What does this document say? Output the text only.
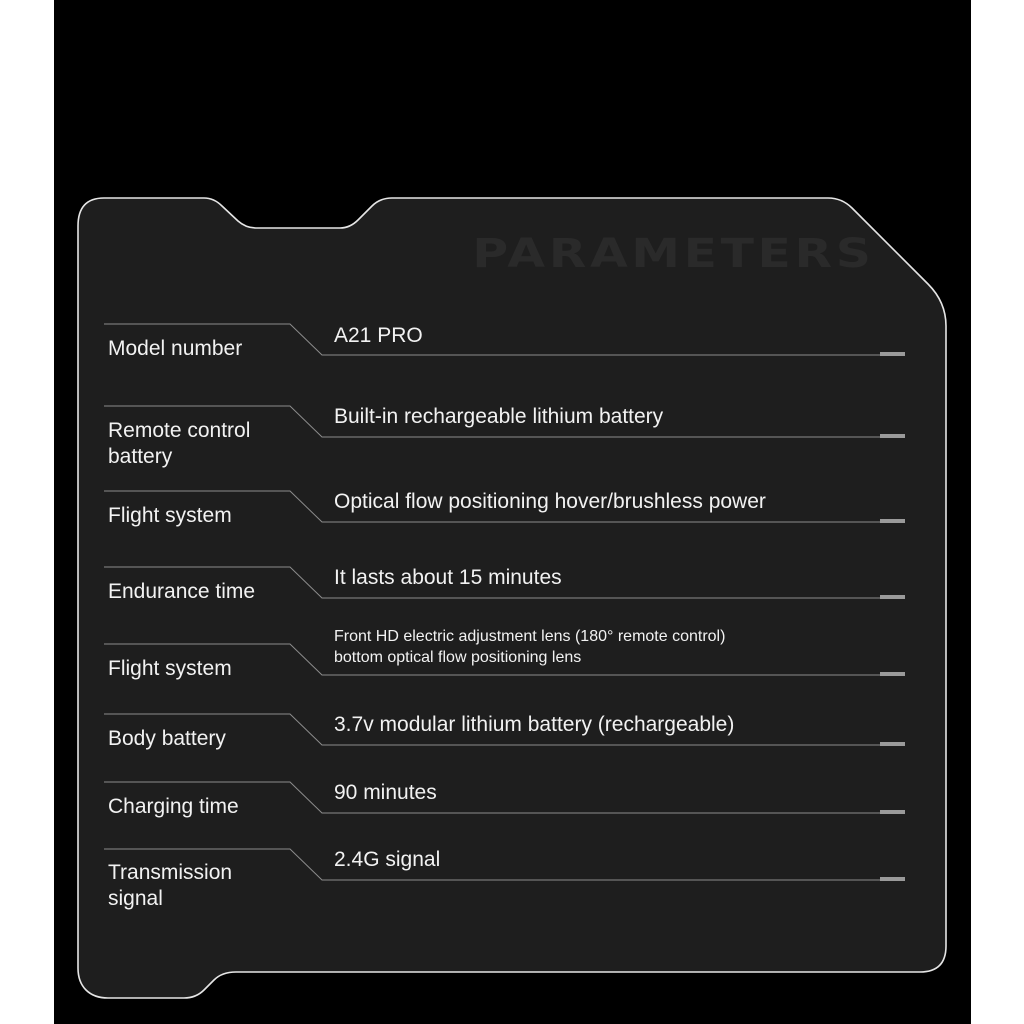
PARAMETERS
Model number
A21 PRO
Remote control battery
Built-in rechargeable lithium battery
Flight system
Optical flow positioning hover/brushless power
Endurance time
It lasts about 15 minutes
Flight system
Front HD electric adjustment lens (180° remote control)
bottom optical flow positioning lens
Body battery
3.7v modular lithium battery (rechargeable)
Charging time
90 minutes
Transmission signal
2.4G signal
